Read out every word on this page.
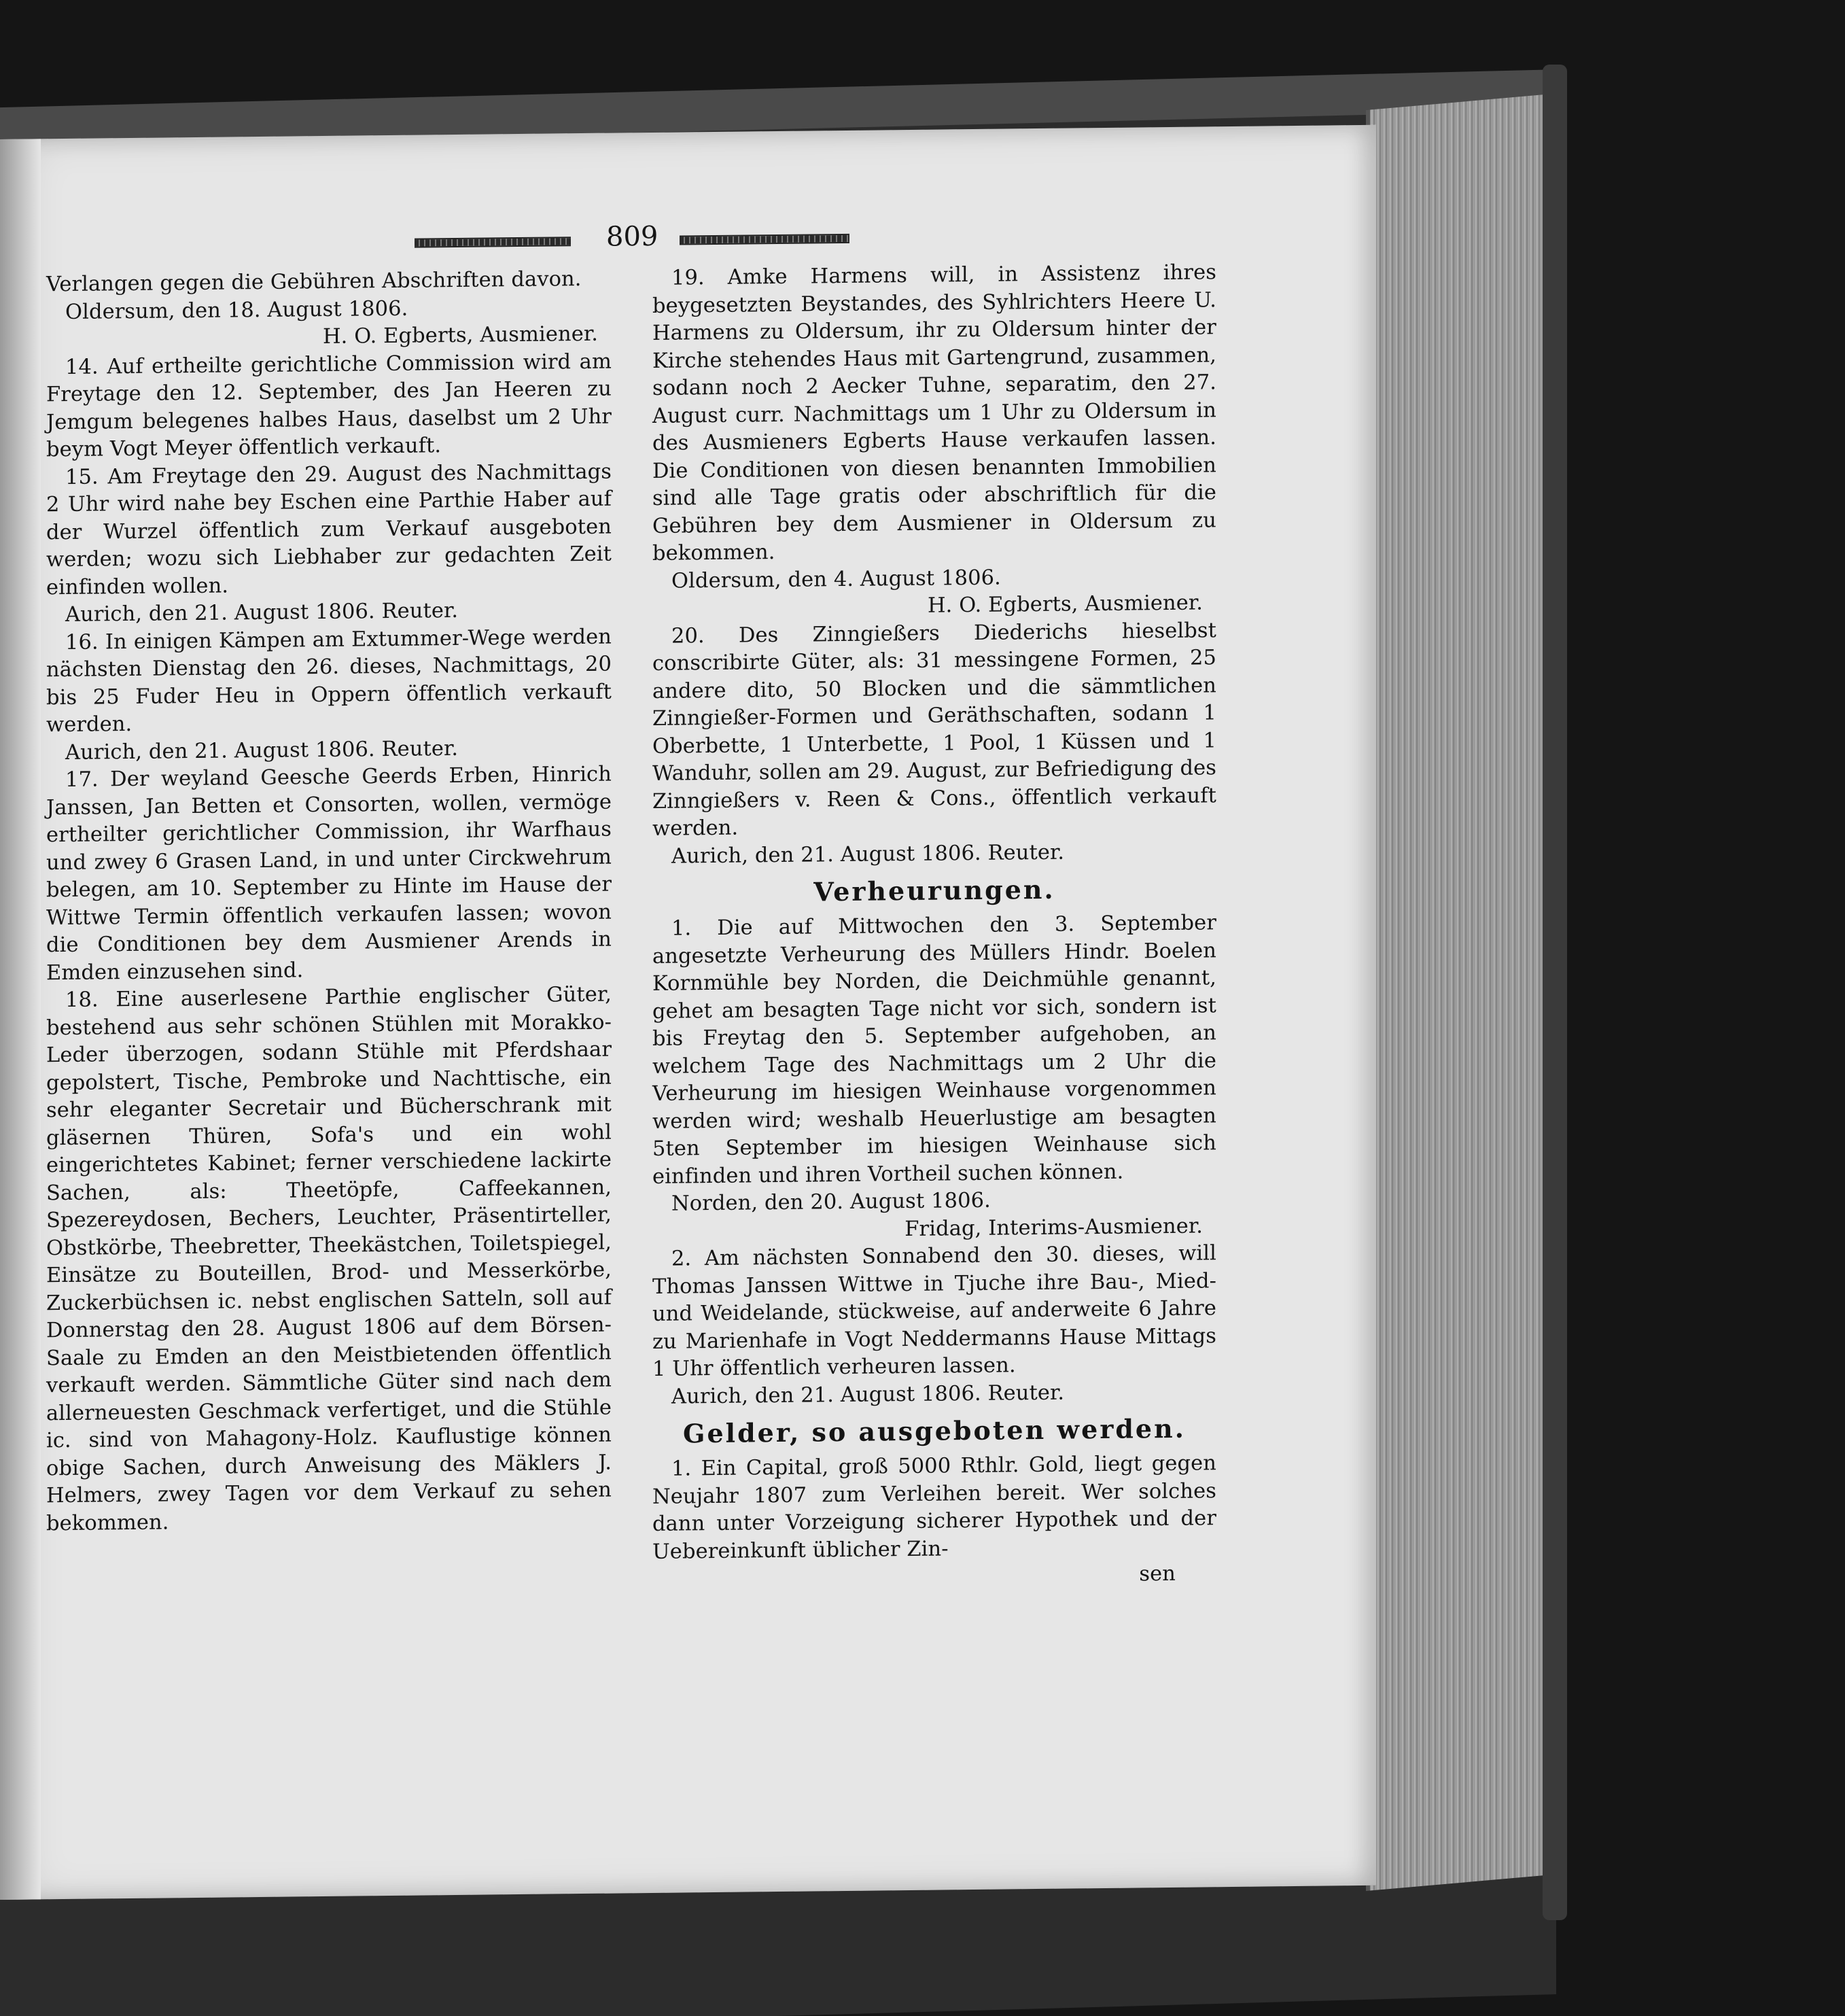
809

Verlangen gegen die Gebühren Abschriften davon.

Oldersum, den 18. August 1806.

H. O. Egberts, Ausmiener.

14. Auf ertheilte gerichtliche Commission wird am Freytage den 12. September, des Jan Heeren zu Jemgum belegenes halbes Haus, daselbst um 2 Uhr beym Vogt Meyer öffentlich verkauft.

15. Am Freytage den 29. August des Nachmittags 2 Uhr wird nahe bey Eschen eine Parthie Haber auf der Wurzel öffentlich zum Verkauf ausgeboten werden; wozu sich Liebhaber zur gedachten Zeit einfinden wollen.

Aurich, den 21. August 1806. Reuter.

16. In einigen Kämpen am Extummer-Wege werden nächsten Dienstag den 26. dieses, Nachmittags, 20 bis 25 Fuder Heu in Oppern öffentlich verkauft werden.

Aurich, den 21. August 1806. Reuter.

17. Der weyland Geesche Geerds Erben, Hinrich Janssen, Jan Betten et Consorten, wollen, vermöge ertheilter gerichtlicher Commission, ihr Warfhaus und zwey 6 Grasen Land, in und unter Circkwehrum belegen, am 10. September zu Hinte im Hause der Wittwe Termin öffentlich verkaufen lassen; wovon die Conditionen bey dem Ausmiener Arends in Emden einzusehen sind.

18. Eine auserlesene Parthie englischer Güter, bestehend aus sehr schönen Stühlen mit Morakko-Leder überzogen, sodann Stühle mit Pferdshaar gepolstert, Tische, Pembroke und Nachttische, ein sehr eleganter Secretair und Bücherschrank mit gläsernen Thüren, Sofa's und ein wohl eingerichtetes Kabinet; ferner verschiedene lackirte Sachen, als: Theetöpfe, Caffeekannen, Spezereydosen, Bechers, Leuchter, Präsentirteller, Obstkörbe, Theebretter, Theekästchen, Toiletspiegel, Einsätze zu Bouteillen, Brod- und Messerkörbe, Zuckerbüchsen ic. nebst englischen Satteln, soll auf Donnerstag den 28. August 1806 auf dem Börsen-Saale zu Emden an den Meistbietenden öffentlich verkauft werden. Sämmtliche Güter sind nach dem allerneuesten Geschmack verfertiget, und die Stühle ic. sind von Mahagony-Holz. Kauflustige können obige Sachen, durch Anweisung des Mäklers J. Helmers, zwey Tagen vor dem Verkauf zu sehen bekommen.

19. Amke Harmens will, in Assistenz ihres beygesetzten Beystandes, des Syhlrichters Heere U. Harmens zu Oldersum, ihr zu Oldersum hinter der Kirche stehendes Haus mit Gartengrund, zusammen, sodann noch 2 Aecker Tuhne, separatim, den 27. August curr. Nachmittags um 1 Uhr zu Oldersum in des Ausmieners Egberts Hause verkaufen lassen. Die Conditionen von diesen benannten Immobilien sind alle Tage gratis oder abschriftlich für die Gebühren bey dem Ausmiener in Oldersum zu bekommen.

Oldersum, den 4. August 1806.

H. O. Egberts, Ausmiener.

20. Des Zinngießers Diederichs hieselbst conscribirte Güter, als: 31 messingene Formen, 25 andere dito, 50 Blocken und die sämmtlichen Zinngießer-Formen und Geräthschaften, sodann 1 Oberbette, 1 Unterbette, 1 Pool, 1 Küssen und 1 Wanduhr, sollen am 29. August, zur Befriedigung des Zinngießers v. Reen & Cons., öffentlich verkauft werden.

Aurich, den 21. August 1806. Reuter.

Verheurungen.

1. Die auf Mittwochen den 3. September angesetzte Verheurung des Müllers Hindr. Boelen Kornmühle bey Norden, die Deichmühle genannt, gehet am besagten Tage nicht vor sich, sondern ist bis Freytag den 5. September aufgehoben, an welchem Tage des Nachmittags um 2 Uhr die Verheurung im hiesigen Weinhause vorgenommen werden wird; weshalb Heuerlustige am besagten 5ten September im hiesigen Weinhause sich einfinden und ihren Vortheil suchen können.

Norden, den 20. August 1806.

Fridag, Interims-Ausmiener.

2. Am nächsten Sonnabend den 30. dieses, will Thomas Janssen Wittwe in Tjuche ihre Bau-, Mied- und Weidelande, stückweise, auf anderweite 6 Jahre zu Marienhafe in Vogt Neddermanns Hause Mittags 1 Uhr öffentlich verheuren lassen.

Aurich, den 21. August 1806. Reuter.

Gelder, so ausgeboten werden.

1. Ein Capital, groß 5000 Rthlr. Gold, liegt gegen Neujahr 1807 zum Verleihen bereit. Wer solches dann unter Vorzeigung sicherer Hypothek und der Uebereinkunft üblicher Zin-

sen
